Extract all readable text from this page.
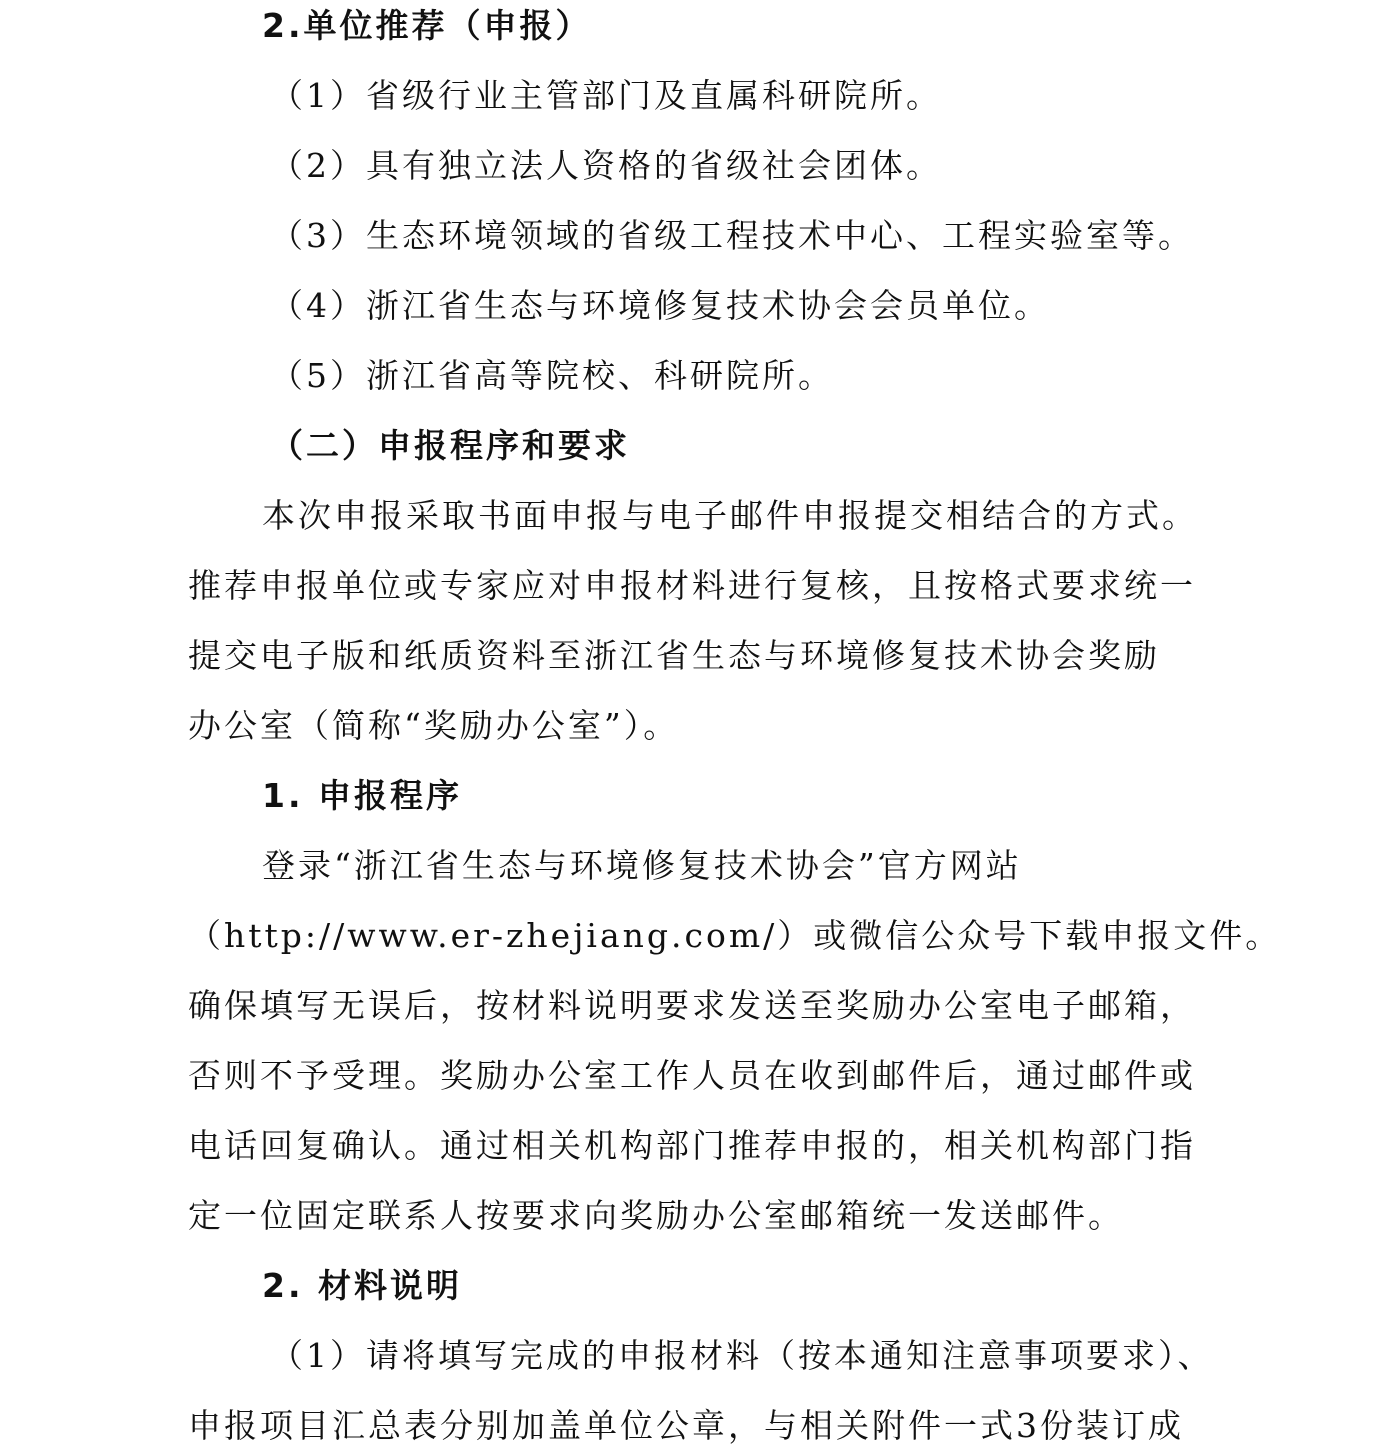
2.单位推荐（申报）
（1）省级行业主管部门及直属科研院所。
（2）具有独立法人资格的省级社会团体。
（3）生态环境领域的省级工程技术中心、工程实验室等。
（4）浙江省生态与环境修复技术协会会员单位。
（5）浙江省高等院校、科研院所。
（二）申报程序和要求
本次申报采取书面申报与电子邮件申报提交相结合的方式。
推荐申报单位或专家应对申报材料进行复核，且按格式要求统一
提交电子版和纸质资料至浙江省生态与环境修复技术协会奖励
办公室（简称“奖励办公室”）。
1. 申报程序
登录“浙江省生态与环境修复技术协会”官方网站
（http://www.er-zhejiang.com/）或微信公众号下载申报文件。
确保填写无误后，按材料说明要求发送至奖励办公室电子邮箱，
否则不予受理。奖励办公室工作人员在收到邮件后，通过邮件或
电话回复确认。通过相关机构部门推荐申报的，相关机构部门指
定一位固定联系人按要求向奖励办公室邮箱统一发送邮件。
2. 材料说明
（1）请将填写完成的申报材料（按本通知注意事项要求）、
申报项目汇总表分别加盖单位公章，与相关附件一式3份装订成
